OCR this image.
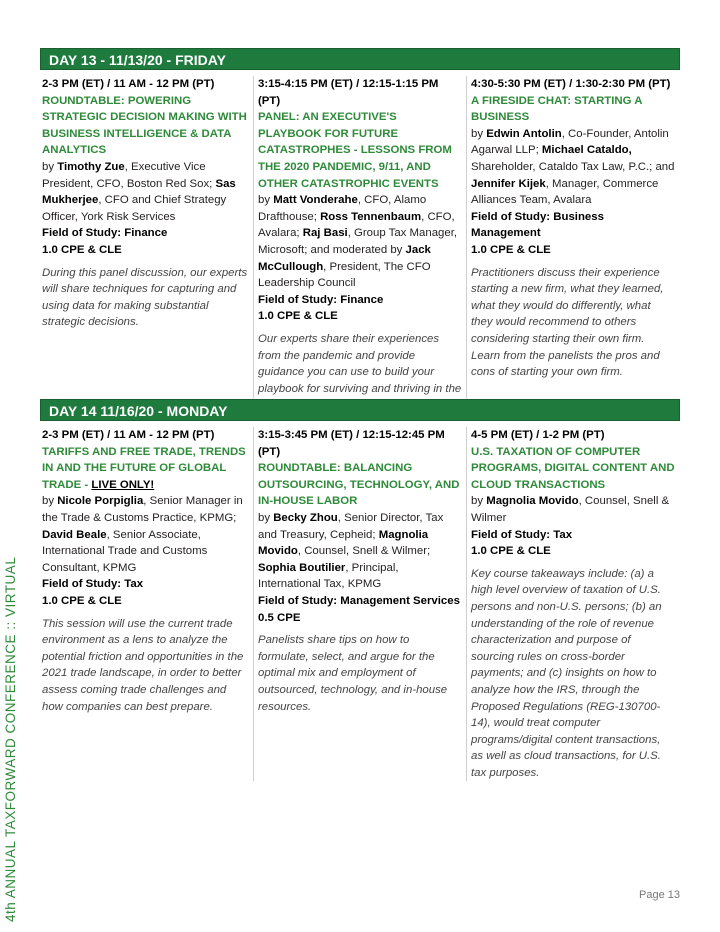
DAY 13 - 11/13/20 - FRIDAY
2-3 PM (ET) / 11 AM - 12 PM (PT)
ROUNDTABLE: POWERING STRATEGIC DECISION MAKING WITH BUSINESS INTELLIGENCE & DATA ANALYTICS
by Timothy Zue, Executive Vice President, CFO, Boston Red Sox; Sas Mukherjee, CFO and Chief Strategy Officer, York Risk Services
Field of Study: Finance
1.0 CPE & CLE
During this panel discussion, our experts will share techniques for capturing and using data for making substantial strategic decisions.
3:15-4:15 PM (ET) / 12:15-1:15 PM (PT)
PANEL: AN EXECUTIVE'S PLAYBOOK FOR FUTURE CATASTROPHES - LESSONS FROM THE 2020 PANDEMIC, 9/11, AND OTHER CATASTROPHIC EVENTS
by Matt Vonderahe, CFO, Alamo Drafthouse; Ross Tennenbaum, CFO, Avalara; Raj Basi, Group Tax Manager, Microsoft; and moderated by Jack McCullough, President, The CFO Leadership Council
Field of Study: Finance
1.0 CPE & CLE
Our experts share their experiences from the pandemic and provide guidance you can use to build your playbook for surviving and thriving in the
4:30-5:30 PM (ET) / 1:30-2:30 PM (PT)
A FIRESIDE CHAT: STARTING A BUSINESS
by Edwin Antolin, Co-Founder, Antolin Agarwal LLP; Michael Cataldo, Shareholder, Cataldo Tax Law, P.C.; and Jennifer Kijek, Manager, Commerce Alliances Team, Avalara
Field of Study: Business Management
1.0 CPE & CLE
Practitioners discuss their experience starting a new firm, what they learned, what they would do differently, what they would recommend to others considering starting their own firm. Learn from the panelists the pros and cons of starting your own firm.
DAY 14 11/16/20 - MONDAY
2-3 PM (ET) / 11 AM - 12 PM (PT)
TARIFFS AND FREE TRADE, TRENDS IN AND THE FUTURE OF GLOBAL TRADE - LIVE ONLY!
by Nicole Porpiglia, Senior Manager in the Trade & Customs Practice, KPMG; David Beale, Senior Associate, International Trade and Customs Consultant, KPMG
Field of Study: Tax
1.0 CPE & CLE
This session will use the current trade environment as a lens to analyze the potential friction and opportunities in the 2021 trade landscape, in order to better assess coming trade challenges and how companies can best prepare.
3:15-3:45 PM (ET) / 12:15-12:45 PM (PT)
ROUNDTABLE: BALANCING OUTSOURCING, TECHNOLOGY, AND IN-HOUSE LABOR
by Becky Zhou, Senior Director, Tax and Treasury, Cepheid; Magnolia Movido, Counsel, Snell & Wilmer; Sophia Boutilier, Principal, International Tax, KPMG
Field of Study: Management Services
0.5 CPE
Panelists share tips on how to formulate, select, and argue for the optimal mix and employment of outsourced, technology, and in-house resources.
4-5 PM (ET) / 1-2 PM (PT)
U.S. TAXATION OF COMPUTER PROGRAMS, DIGITAL CONTENT AND CLOUD TRANSACTIONS
by Magnolia Movido, Counsel, Snell & Wilmer
Field of Study: Tax
1.0 CPE & CLE
Key course takeaways include: (a) a high level overview of taxation of U.S. persons and non-U.S. persons; (b) an understanding of the role of revenue characterization and purpose of sourcing rules on cross-border payments; and (c) insights on how to analyze how the IRS, through the Proposed Regulations (REG-130700-14), would treat computer programs/digital content transactions, as well as cloud transactions, for U.S. tax purposes.
4th ANNUAL TAXFORWARD CONFERENCE :: VIRTUAL	Page 13
